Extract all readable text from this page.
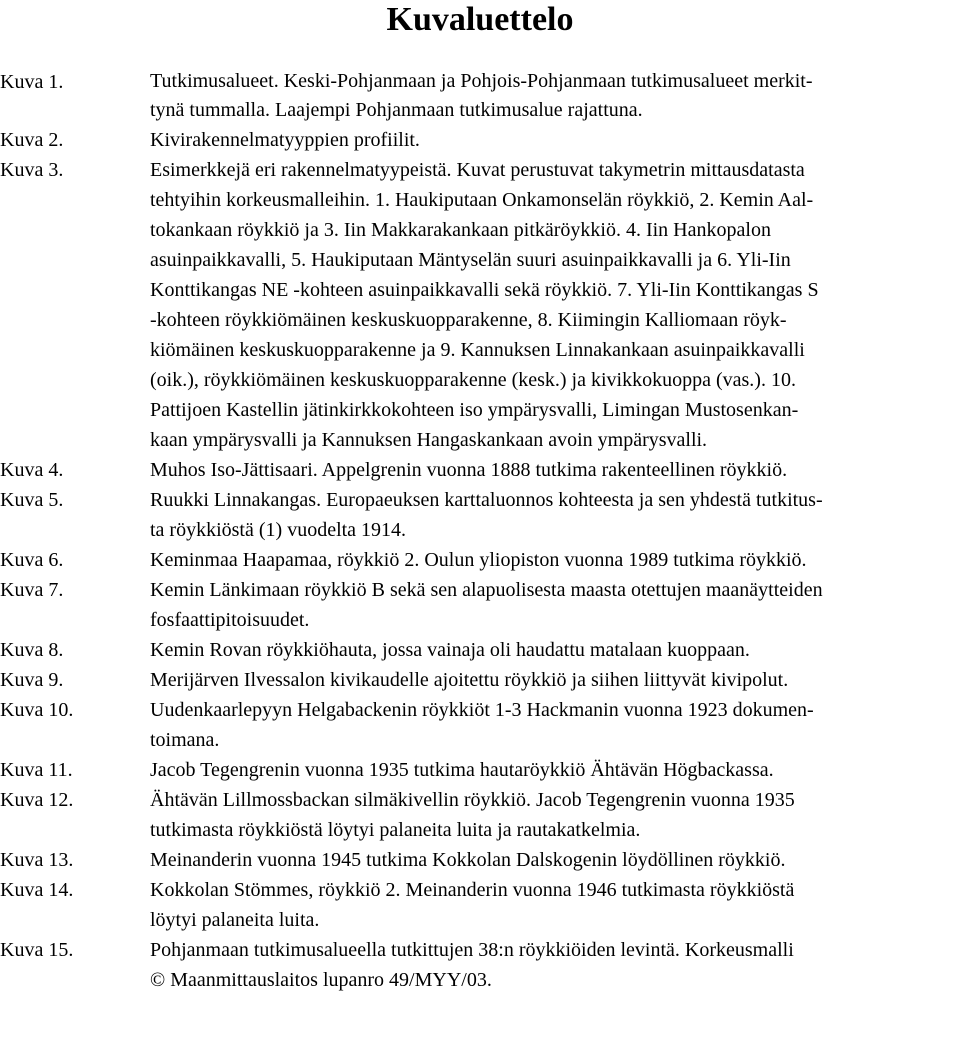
Kuvaluettelo
Kuva 1.	Tutkimusalueet. Keski-Pohjanmaan ja Pohjois-Pohjanmaan tutkimusalueet merkit-
tynä tummalla. Laajempi Pohjanmaan tutkimusalue rajattuna.

Kuva 2.	Kivirakennelmatyyppien profiilit.

Kuva 3.	Esimerkkejä eri rakennelmatyypeistä. Kuvat perustuvat takymetrin mittausdatasta
tehtyihin korkeusmalleihin. 1. Haukiputaan Onkamonselän röykkiö, 2. Kemin Aal-
tokankaan röykkiö ja 3. Iin Makkarakankaan pitkäröykkiö. 4. Iin Hankopalon
asuinpaikkavalli, 5. Haukiputaan Mäntyselän suuri asuinpaikkavalli ja 6. Yli-Iin
Konttikangas NE -kohteen asuinpaikkavalli sekä röykkiö. 7. Yli-Iin Konttikangas S
-kohteen röykkiömäinen keskuskuopparakenne, 8. Kiimingin Kalliomaan röyk-
kiömäinen keskuskuopparakenne ja 9. Kannuksen Linnakankaan asuinpaikkavalli
(oik.), röykkiömäinen keskuskuopparakenne (kesk.) ja kivikkokuoppa (vas.). 10.
Pattijoen Kastellin jätinkirkkokohteen iso ympärysvalli, Limingan Mustosenkan-
kaan ympärysvalli ja Kannuksen Hangaskankaan avoin ympärysvalli.

Kuva 4.	Muhos Iso-Jättisaari. Appelgrenin vuonna 1888 tutkima rakenteellinen röykkiö.

Kuva 5.	Ruukki Linnakangas. Europaeuksen karttaluonnos kohteesta ja sen yhdestä tutkitus-
ta röykkiöstä (1) vuodelta 1914.

Kuva 6.	Keminmaa Haapamaa, röykkiö 2. Oulun yliopiston vuonna 1989 tutkima röykkiö.

Kuva 7.	Kemin Länkimaan röykkiö B sekä sen alapuolisesta maasta otettujen maanäytteiden
fosfaattipitoisuudet.

Kuva 8.	Kemin Rovan röykkiöhauta, jossa vainaja oli haudattu matalaan kuoppaan.

Kuva 9.	Merijärven Ilvessalon kivikaudelle ajoitettu röykkiö ja siihen liittyvät kivipolut.

Kuva 10.	Uudenkaarlepyyn Helgabackenin röykkiöt 1-3 Hackmanin vuonna 1923 dokumen-
toimana.

Kuva 11.	Jacob Tegengrenin vuonna 1935 tutkima hautaröykkiö Ähtävän Högbackassa.

Kuva 12.	Ähtävän Lillmossbackan silmäkivellin röykkiö. Jacob Tegengrenin vuonna 1935
tutkimasta röykkiöstä löytyi palaneita luita ja rautakatkelmia.

Kuva 13.	Meinanderin vuonna 1945 tutkima Kokkolan Dalskogenin löydöllinen röykkiö.

Kuva 14.	Kokkolan Stömmes, röykkiö 2. Meinanderin vuonna 1946 tutkimasta röykkiöstä
löytyi palaneita luita.

Kuva 15.	Pohjanmaan tutkimusalueella tutkittujen 38:n röykkiöiden levintä. Korkeusmalli
© Maanmittauslaitos lupanro 49/MYY/03.
